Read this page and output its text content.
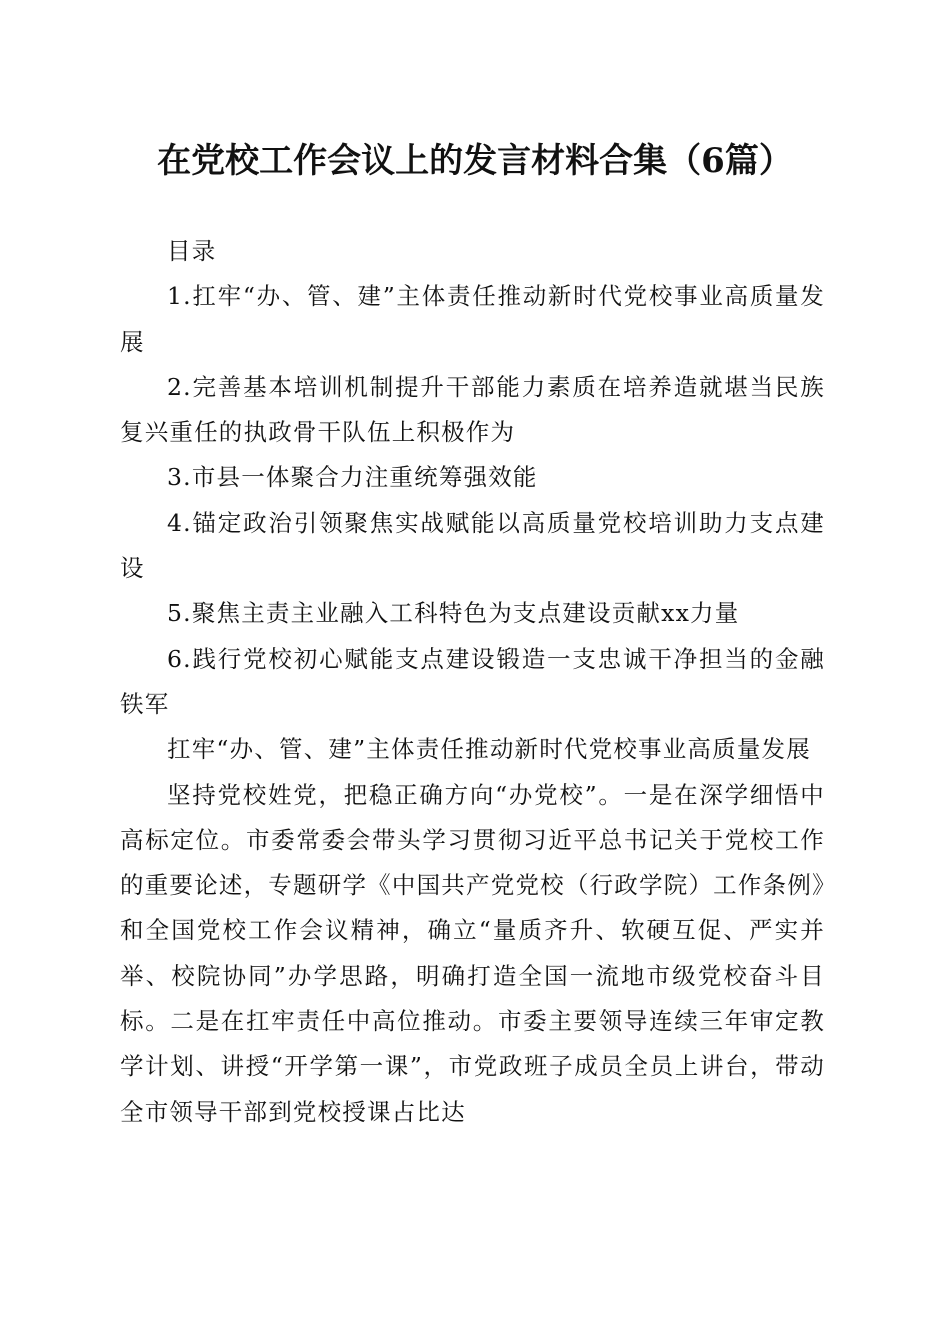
在党校工作会议上的发言材料合集（6篇）

目录

1.扛牢“办、管、建”主体责任推动新时代党校事业高质量发展

2.完善基本培训机制提升干部能力素质在培养造就堪当民族复兴重任的执政骨干队伍上积极作为

3.市县一体聚合力注重统筹强效能

4.锚定政治引领聚焦实战赋能以高质量党校培训助力支点建设

5.聚焦主责主业融入工科特色为支点建设贡献xx力量

6.践行党校初心赋能支点建设锻造一支忠诚干净担当的金融铁军

扛牢“办、管、建”主体责任推动新时代党校事业高质量发展

坚持党校姓党，把稳正确方向“办党校”。一是在深学细悟中高标定位。市委常委会带头学习贯彻习近平总书记关于党校工作的重要论述，专题研学《中国共产党党校（行政学院）工作条例》和全国党校工作会议精神，确立“量质齐升、软硬互促、严实并举、校院协同”办学思路，明确打造全国一流地市级党校奋斗目标。二是在扛牢责任中高位推动。市委主要领导连续三年审定教学计划、讲授“开学第一课”，市党政班子成员全员上讲台，带动全市领导干部到党校授课占比达
